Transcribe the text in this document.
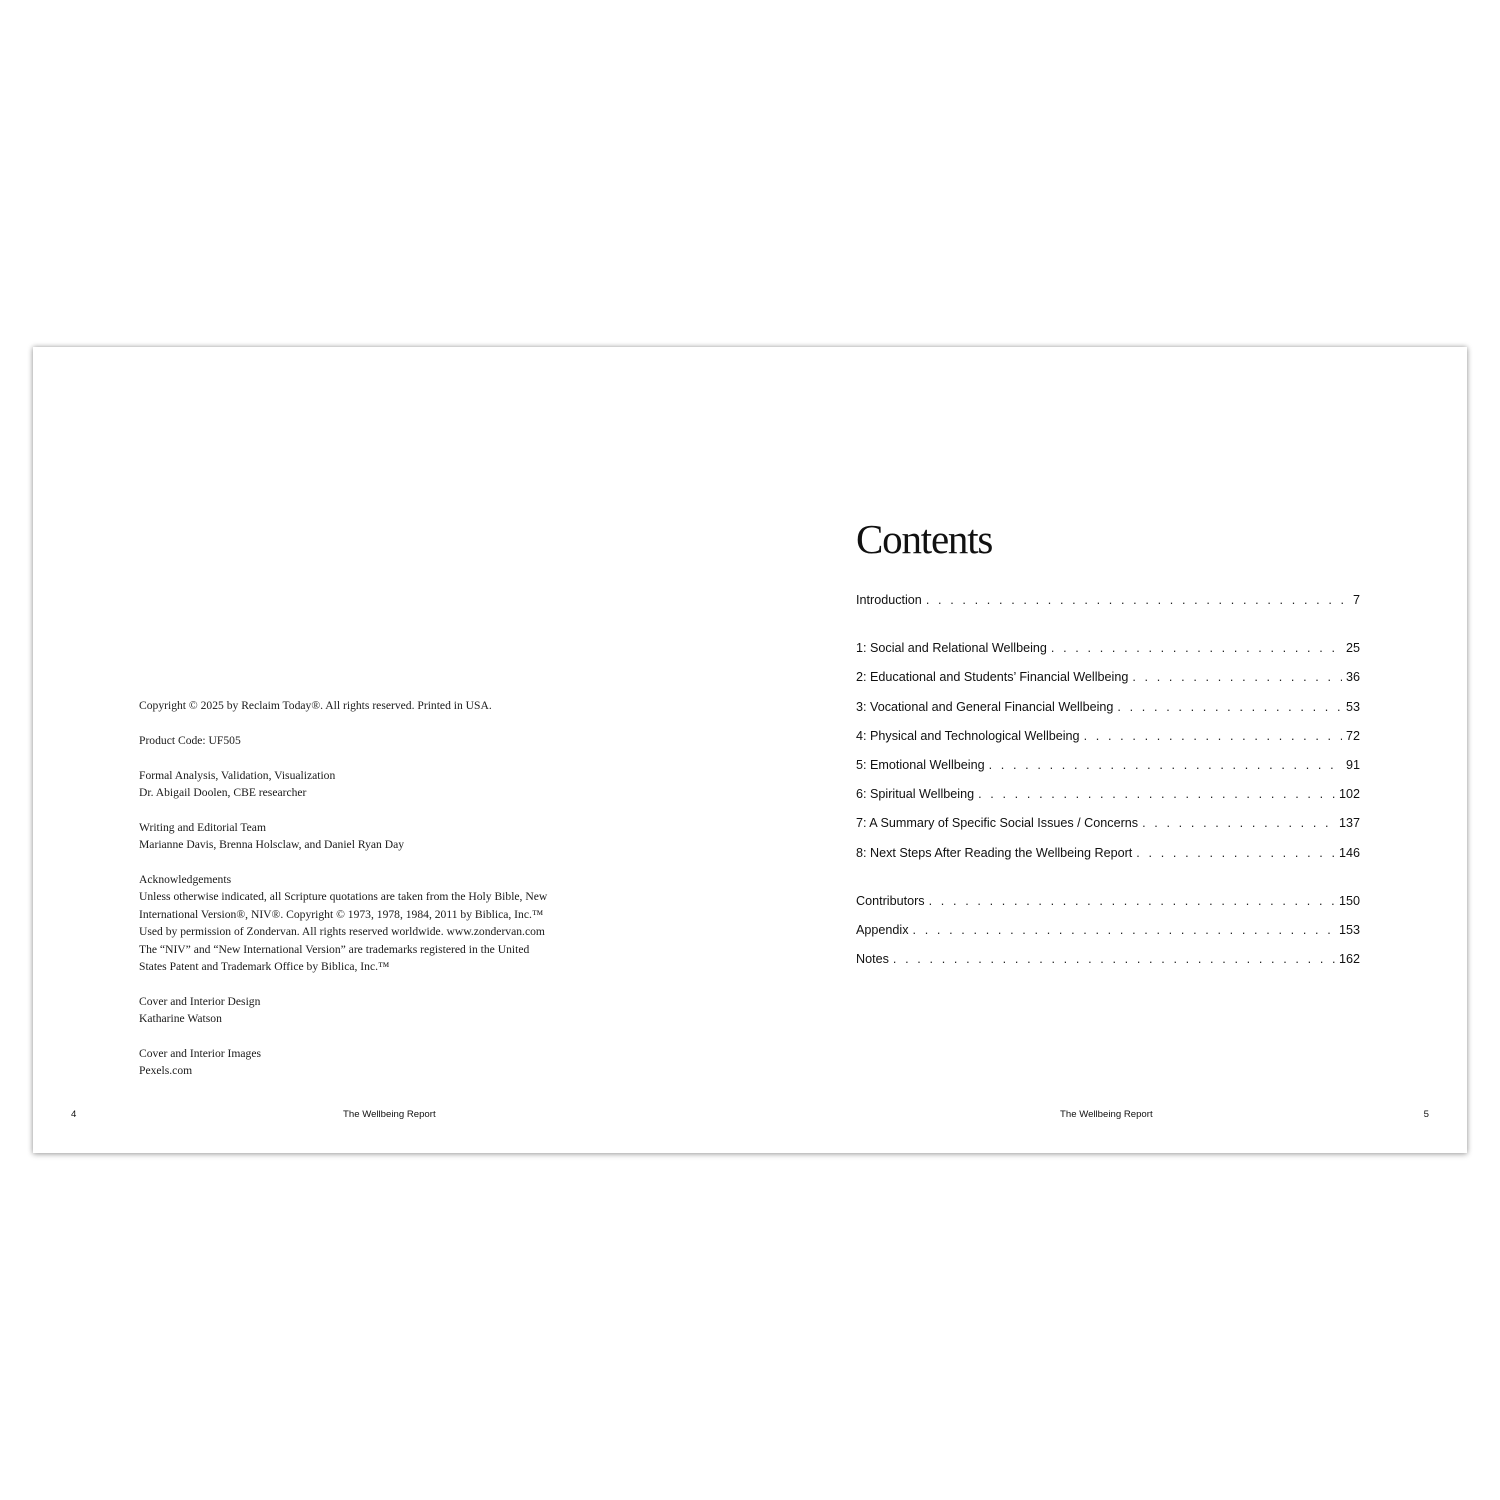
Copyright © 2025 by Reclaim Today®. All rights reserved. Printed in USA.
Product Code: UF505
Formal Analysis, Validation, Visualization
Dr. Abigail Doolen, CBE researcher
Writing and Editorial Team
Marianne Davis, Brenna Holsclaw, and Daniel Ryan Day
Acknowledgements
Unless otherwise indicated, all Scripture quotations are taken from the Holy Bible, New
International Version®, NIV®. Copyright © 1973, 1978, 1984, 2011 by Biblica, Inc.™
Used by permission of Zondervan. All rights reserved worldwide. www.zondervan.com
The “NIV” and “New International Version” are trademarks registered in the United
States Patent and Trademark Office by Biblica, Inc.™
Cover and Interior Design
Katharine Watson
Cover and Interior Images
Pexels.com
4	The Wellbeing Report
Contents
Introduction . . .	7
1: Social and Relational Wellbeing . . .	25
2: Educational and Students’ Financial Wellbeing . . .	36
3: Vocational and General Financial Wellbeing . . .	53
4: Physical and Technological Wellbeing . . .	72
5: Emotional Wellbeing . . .	91
6: Spiritual Wellbeing . . .	102
7: A Summary of Specific Social Issues / Concerns . . .	137
8: Next Steps After Reading the Wellbeing Report . . .	146
Contributors . . .	150
Appendix . . .	153
Notes . . .	162
The Wellbeing Report	5
